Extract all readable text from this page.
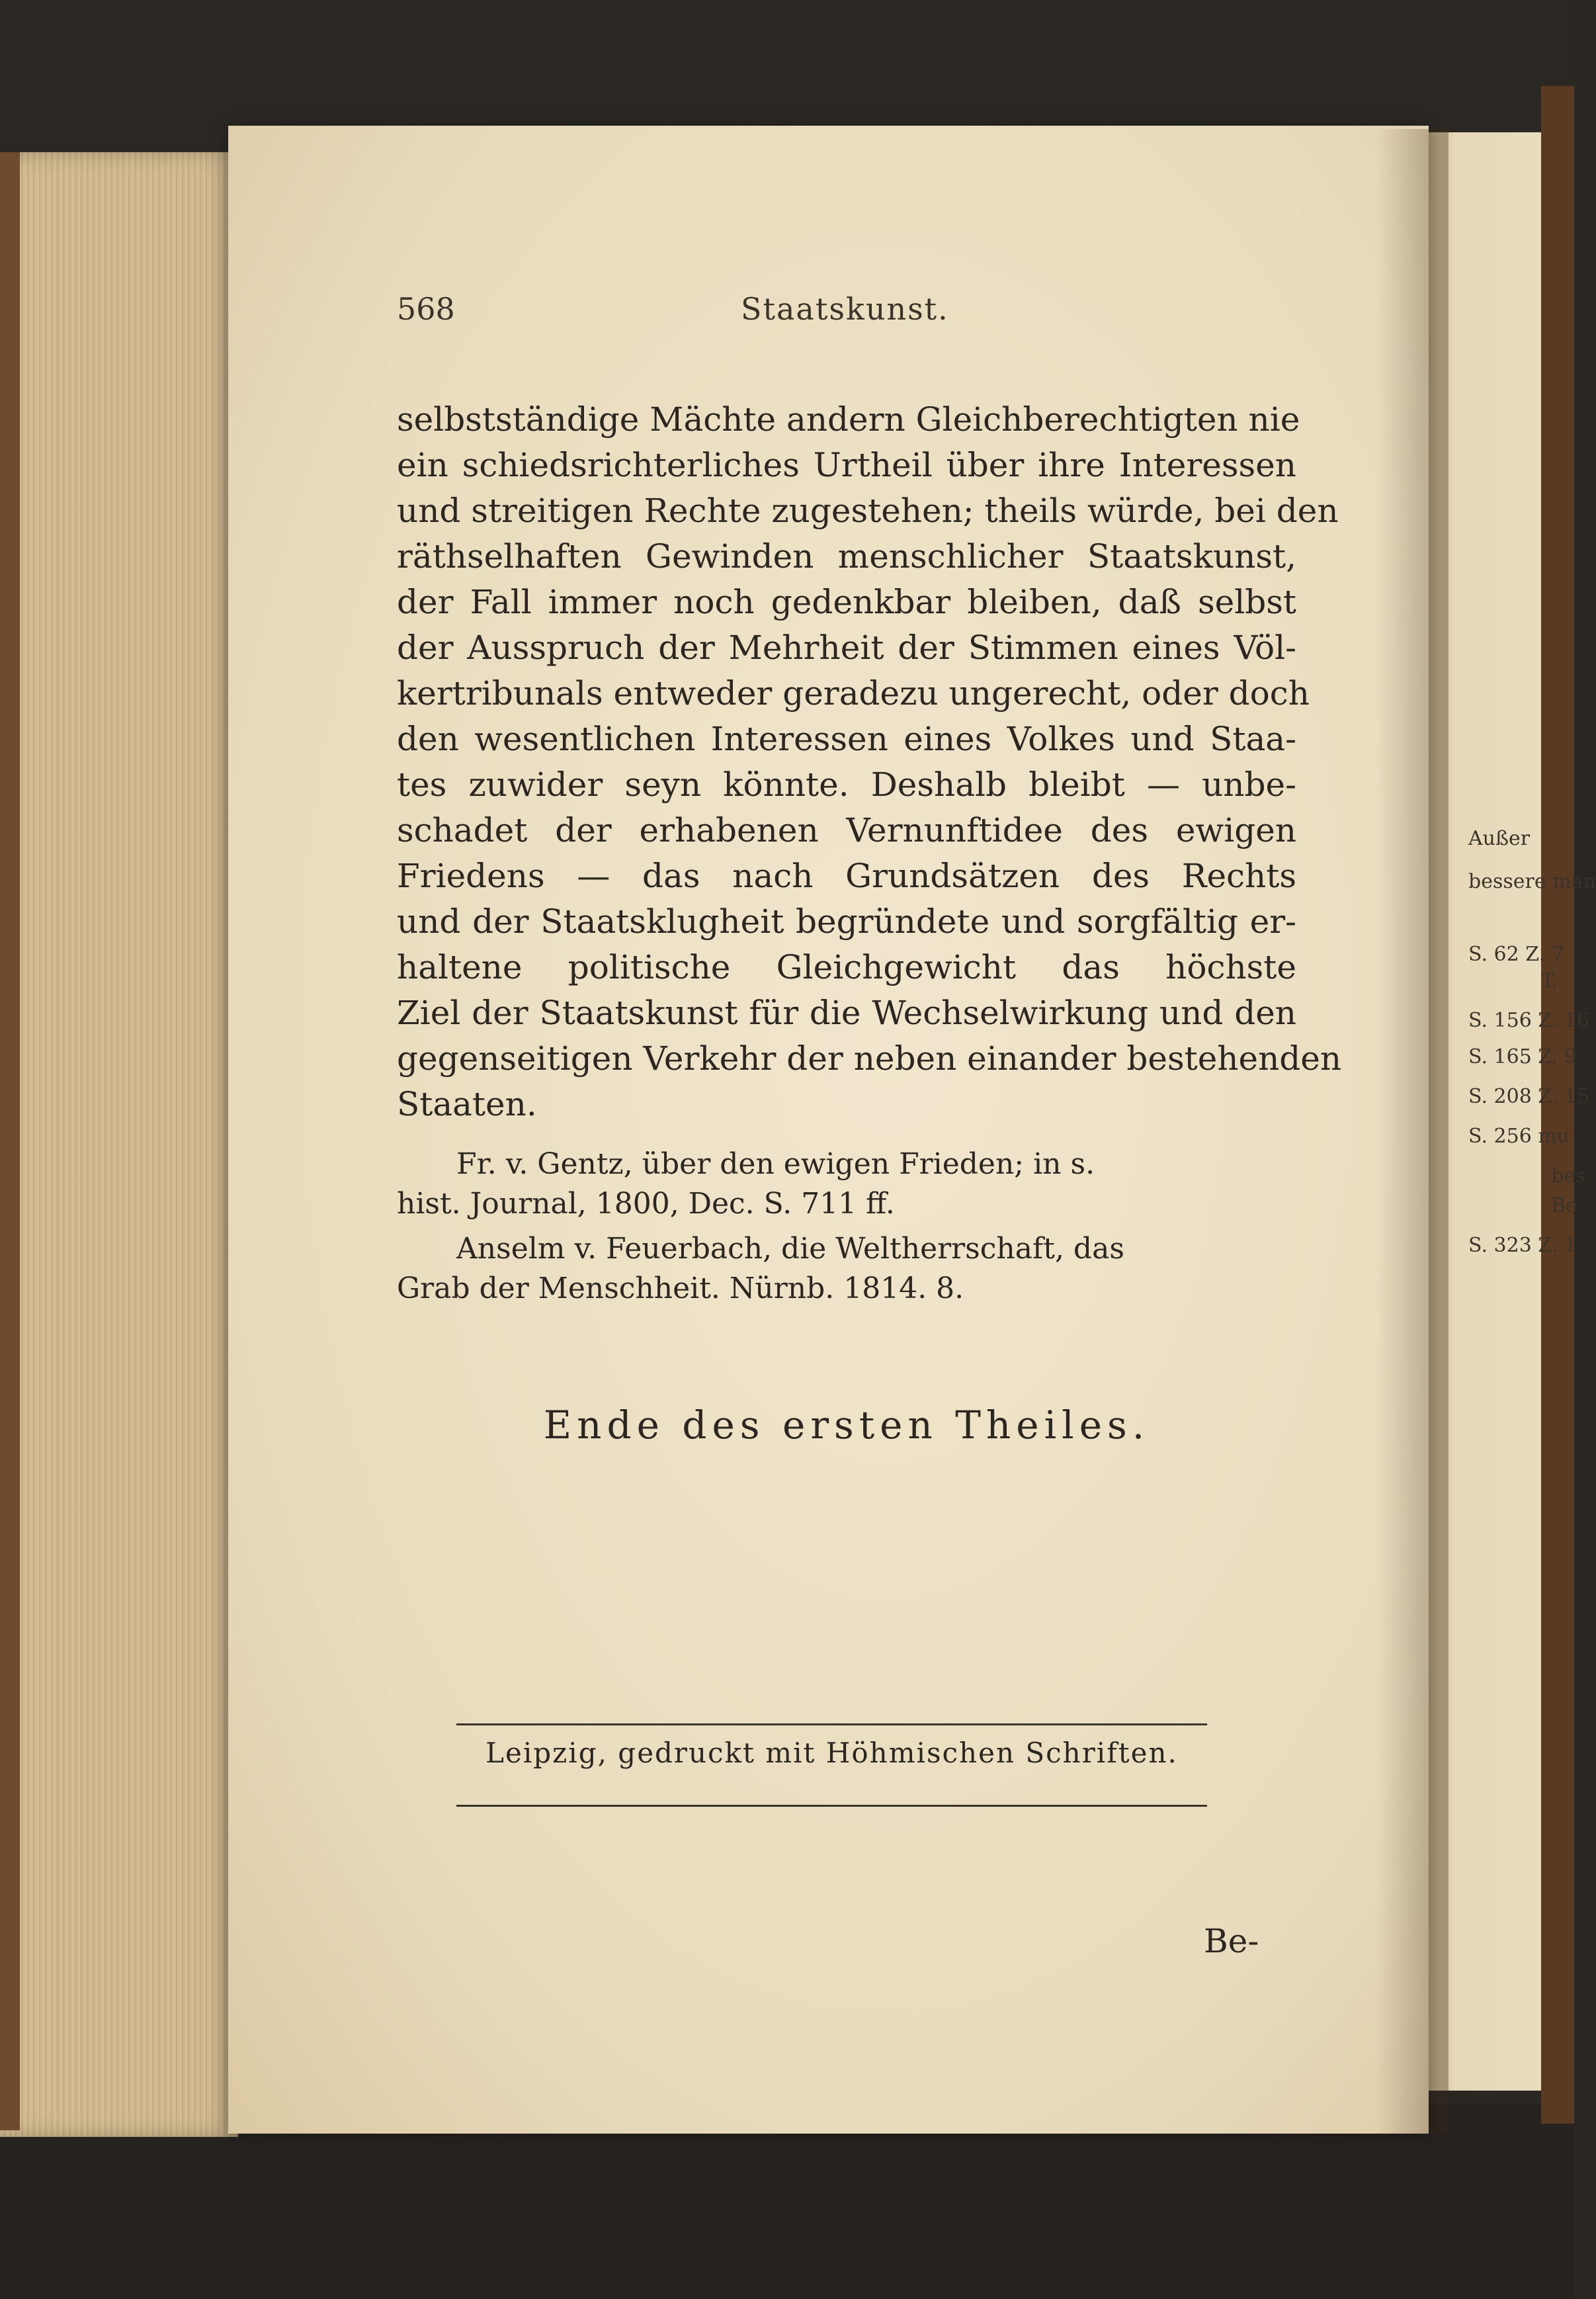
568	Staatskunst.
selbstständige Mächte andern Gleichberechtigten nie
ein schiedsrichterliches Urtheil über ihre Interessen
und streitigen Rechte zugestehen; theils würde, bei den
räthselhaften Gewinden menschlicher Staatskunst,
der Fall immer noch gedenkbar bleiben, daß selbst
der Ausspruch der Mehrheit der Stimmen eines Völ-
kertribunals entweder geradezu ungerecht, oder doch
den wesentlichen Interessen eines Volkes und Staa-
tes zuwider seyn könnte. Deshalb bleibt — unbe-
schadet der erhabenen Vernunftidee des ewigen
Friedens — das nach Grundsätzen des Rechts
und der Staatsklugheit begründete und sorgfältig er-
haltene politische Gleichgewicht das höchste
Ziel der Staatskunst für die Wechselwirkung und den
gegenseitigen Verkehr der neben einander bestehenden
Staaten.
Fr. v. Gentz, über den ewigen Frieden; in s.
hist. Journal, 1800, Dec. S. 711 ff.
Anselm v. Feuerbach, die Weltherrschaft, das
Grab der Menschheit. Nürnb. 1814. 8.
Ende des ersten Theiles.
Leipzig, gedruckt mit Höhmischen Schriften.
Be-
Außer
bessere man
S. 62 Z. 7
T.
S. 156 Z. 16
S. 165 Z. 9
S. 208 Z. 15
S. 256 mu
bes
Be
S. 323 Z. 1
